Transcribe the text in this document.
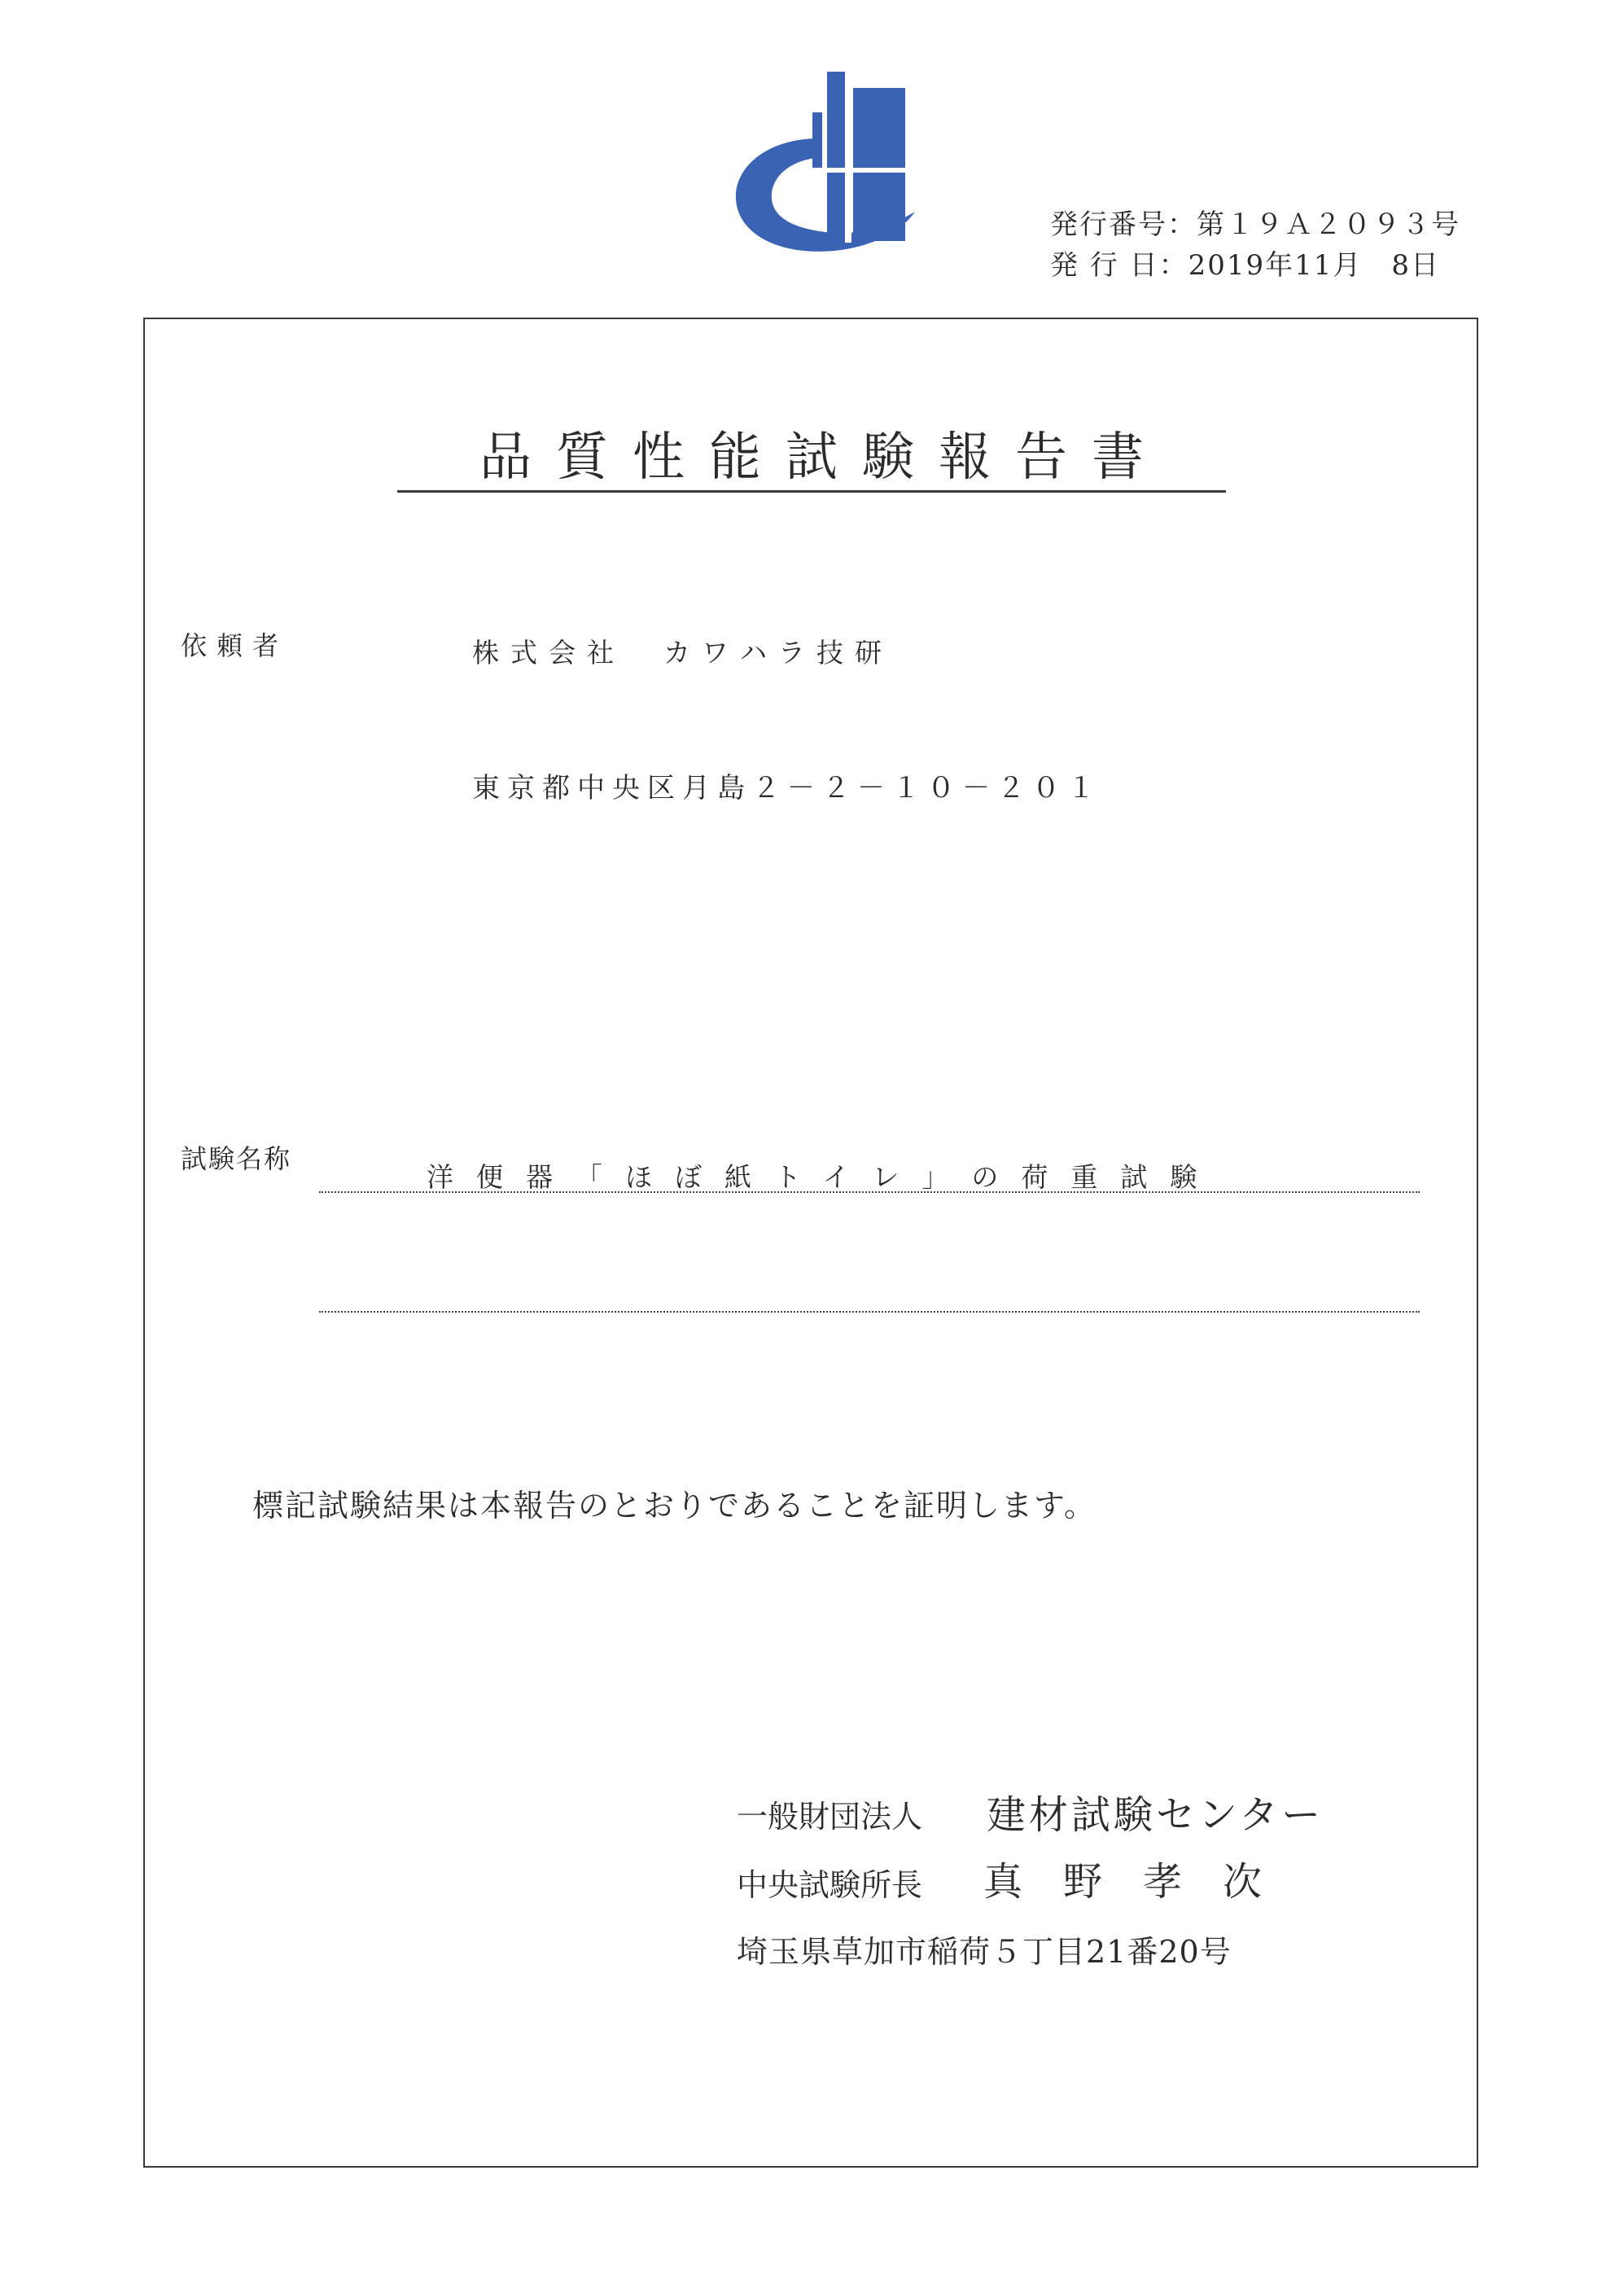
発行番号：第１９Ａ２０９３号
発 行 日：2019年11月　8日
品質性能試験報告書
依頼者	株式会社　カワハラ技研
東京都中央区月島２－２－１０－２０１
試験名称
洋便器「ほぼ紙トイレ」の荷重試験
標記試験結果は本報告のとおりであることを証明します。
一般財団法人 建材試験センター
中央試験所長 真野孝次
埼玉県草加市稲荷５丁目21番20号
